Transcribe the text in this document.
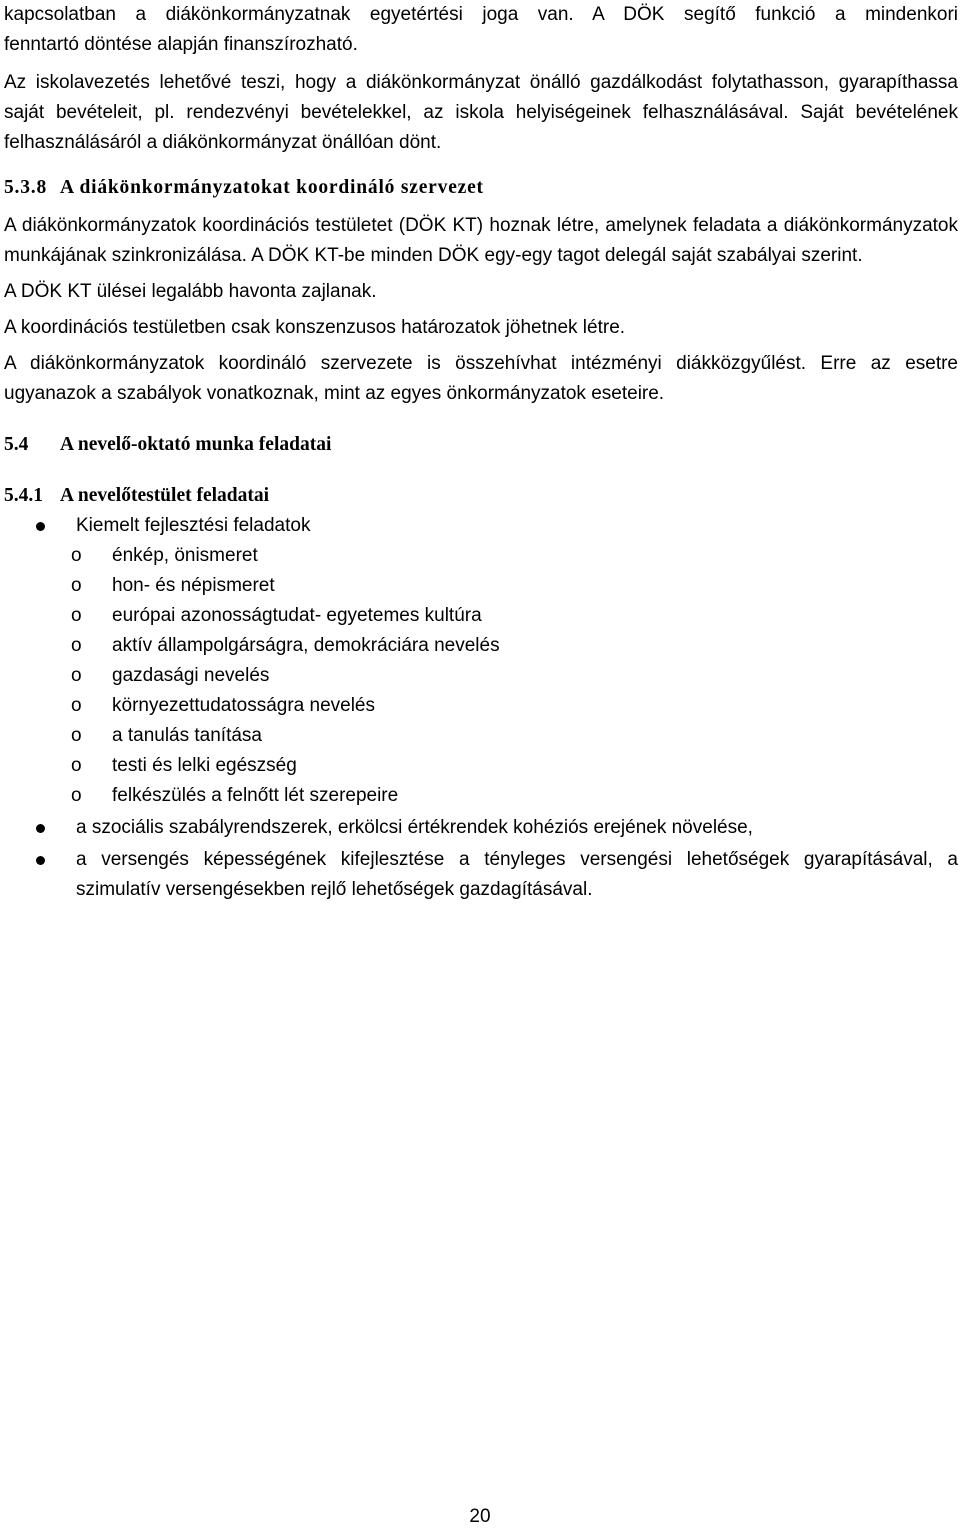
kapcsolatban a diákönkormányzatnak egyetértési joga van. A DÖK segítő funkció a mindenkori

fenntartó döntése alapján finanszírozható.

Az iskolavezetés lehetővé teszi, hogy a diákönkormányzat önálló gazdálkodást folytathasson, gyarapíthassa saját bevételeit, pl. rendezvényi bevételekkel, az iskola helyiségeinek felhasználásával. Saját bevételének felhasználásáról a diákönkormányzat önállóan dönt.

5.3.8 A diákönkormányzatokat koordináló szervezet

A diákönkormányzatok koordinációs testületet (DÖK KT) hoznak létre, amelynek feladata a diákönkormányzatok munkájának szinkronizálása. A DÖK KT-be minden DÖK egy-egy tagot delegál saját szabályai szerint.

A DÖK KT ülései legalább havonta zajlanak.

A koordinációs testületben csak konszenzusos határozatok jöhetnek létre.

A diákönkormányzatok koordináló szervezete is összehívhat intézményi diákközgyűlést. Erre az esetre ugyanazok a szabályok vonatkoznak, mint az egyes önkormányzatok eseteire.

5.4 A nevelő-oktató munka feladatai

5.4.1 A nevelőtestület feladatai

Kiemelt fejlesztési feladatok
o énkép, önismeret
o hon- és népismeret
o európai azonosságtudat- egyetemes kultúra
o aktív állampolgárságra, demokráciára nevelés
o gazdasági nevelés
o környezettudatosságra nevelés
o a tanulás tanítása
o testi és lelki egészség
o felkészülés a felnőtt lét szerepeire
a szociális szabályrendszerek, erkölcsi értékrendek kohéziós erejének növelése,
a versengés képességének kifejlesztése a tényleges versengési lehetőségek gyarapításával, a szimulatív versengésekben rejlő lehetőségek gazdagításával.
20
